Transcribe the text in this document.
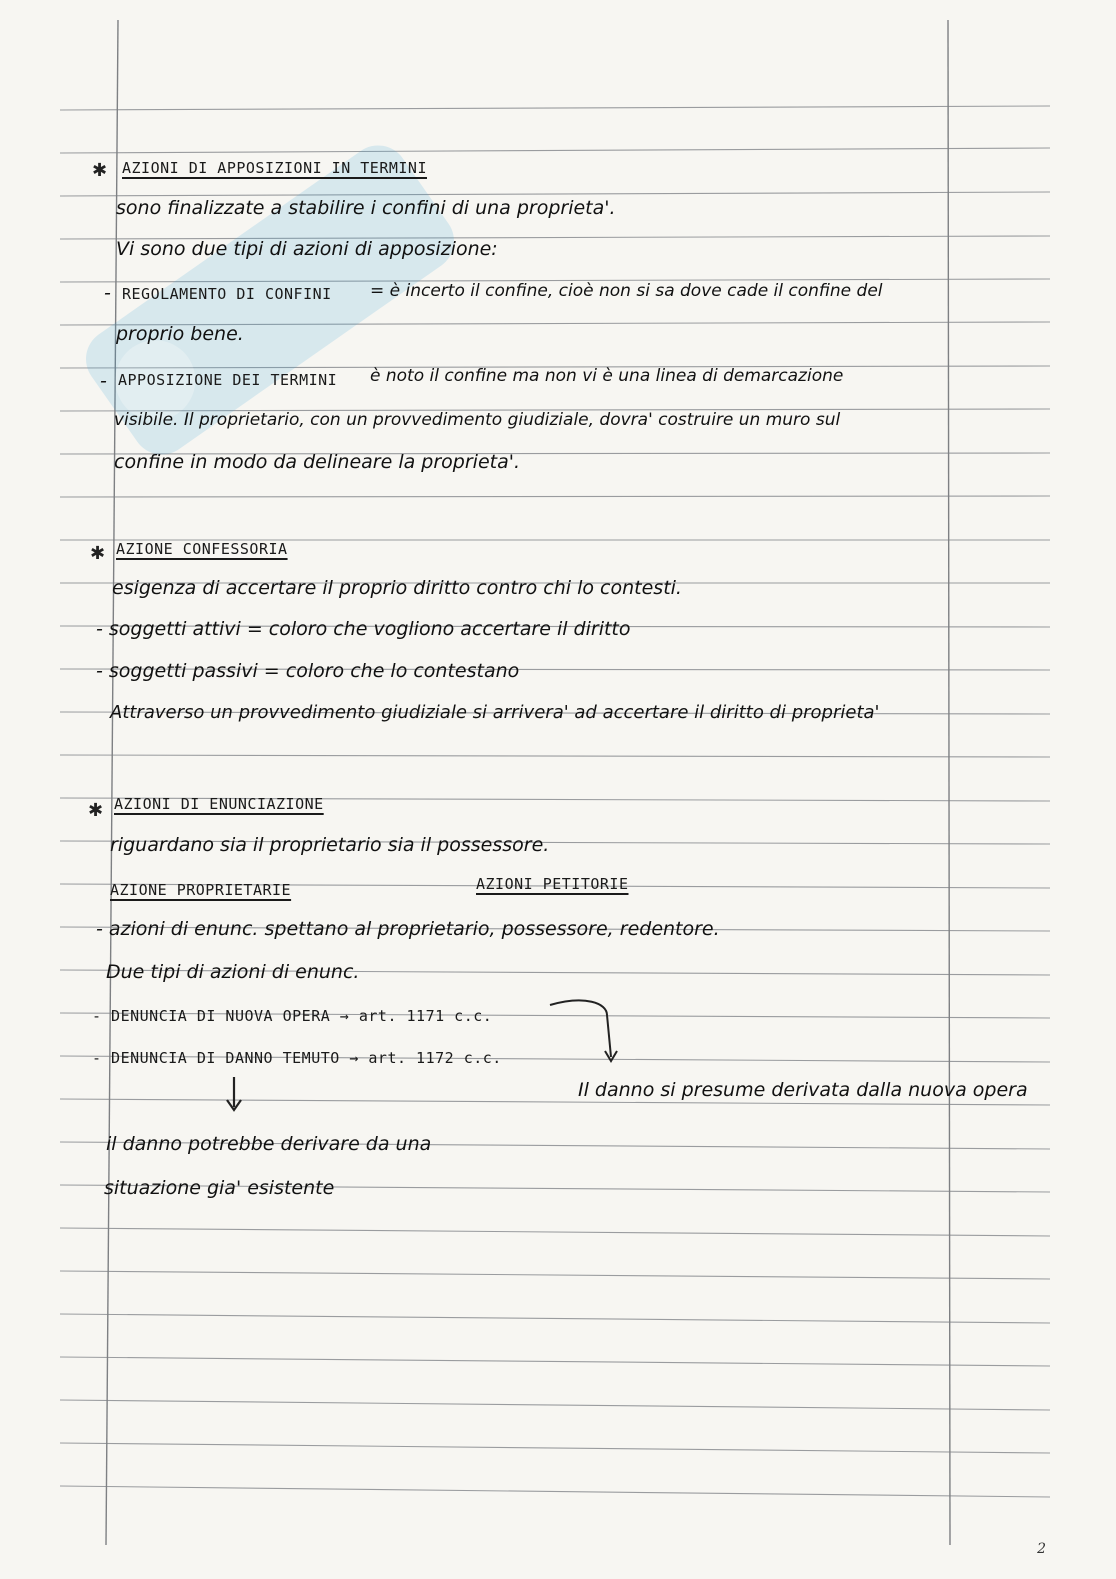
✱ AZIONI DI APPOSIZIONI IN TERMINI
sono finalizzate a stabilire i confini di una proprieta'.
Vi sono due tipi di azioni di apposizione:
- REGOLAMENTO DI CONFINI = è incerto il confine, cioè non si sa dove cade il confine del
proprio bene.
- APPOSIZIONE DEI TERMINI è noto il confine ma non vi è una linea di demarcazione
visibile. Il proprietario, con un provvedimento giudiziale, dovra' costruire un muro sul
confine in modo da delineare la proprieta'.
✱ AZIONE CONFESSORIA
esigenza di accertare il proprio diritto contro chi lo contesti.
- soggetti attivi = coloro che vogliono accertare il diritto
- soggetti passivi = coloro che lo contestano
Attraverso un provvedimento giudiziale si arrivera' ad accertare il diritto di proprieta'
✱ AZIONI DI ENUNCIAZIONE
riguardano sia il proprietario sia il possessore.
AZIONE PROPRIETARIE	AZIONI PETITORIE
- azioni di enunc. spettano al proprietario, possessore, redentore.
Due tipi di azioni di enunc.
- DENUNCIA DI NUOVA OPERA → art. 1171 c.c.
- DENUNCIA DI DANNO TEMUTO → art. 1172 c.c.
Il danno si presume derivata dalla nuova opera
il danno potrebbe derivare da una
situazione gia' esistente
2
